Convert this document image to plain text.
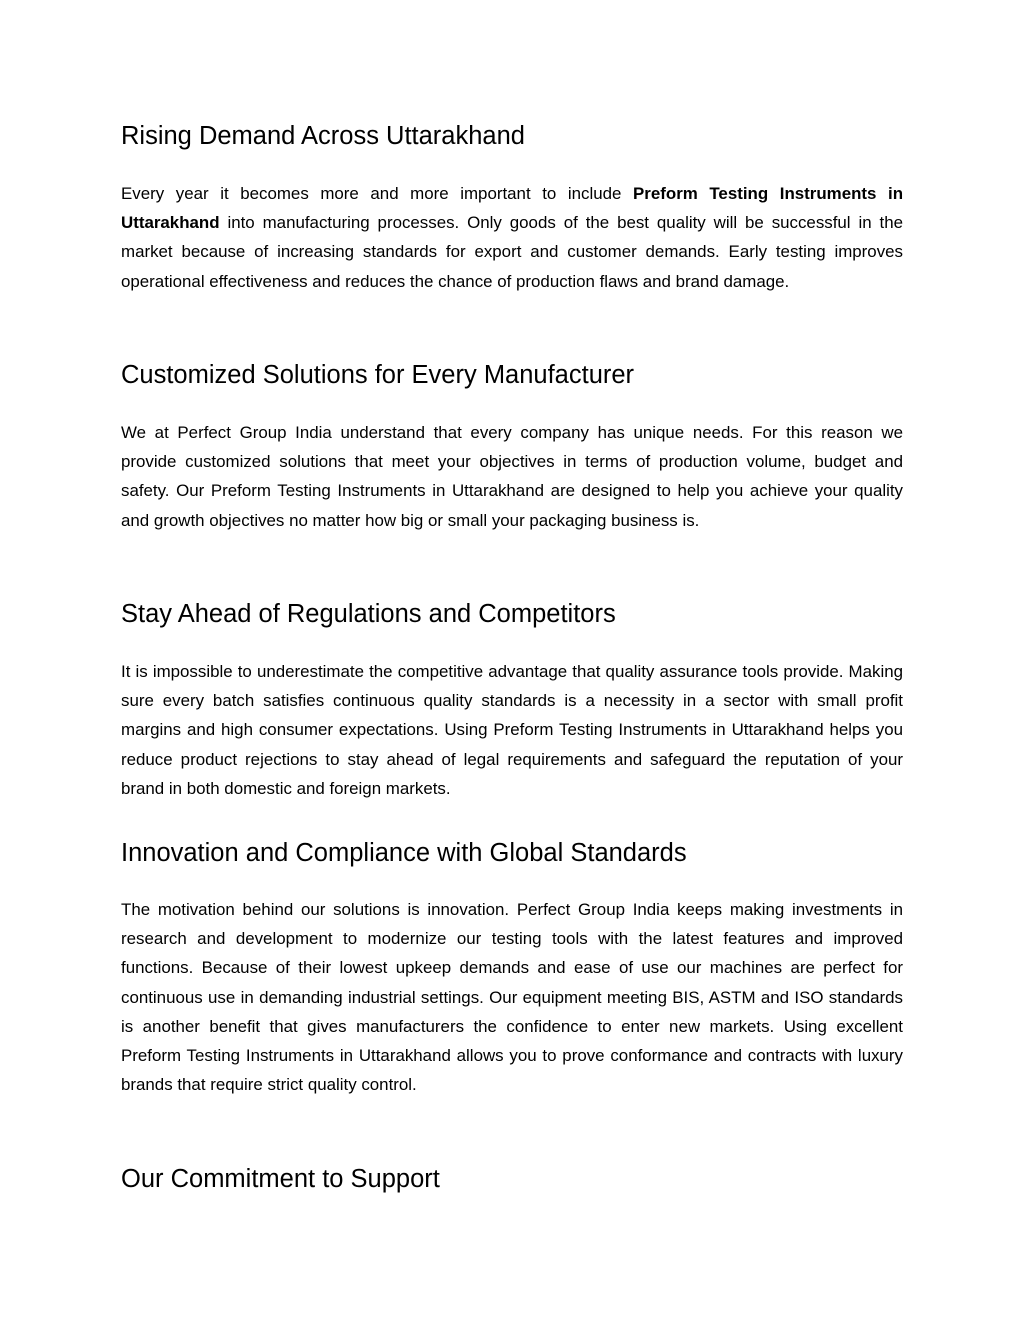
Rising Demand Across Uttarakhand

Every year it becomes more and more important to include Preform Testing Instruments in Uttarakhand into manufacturing processes. Only goods of the best quality will be successful in the market because of increasing standards for export and customer demands. Early testing improves operational effectiveness and reduces the chance of production flaws and brand damage.

Customized Solutions for Every Manufacturer

We at Perfect Group India understand that every company has unique needs. For this reason we provide customized solutions that meet your objectives in terms of production volume, budget and safety. Our Preform Testing Instruments in Uttarakhand are designed to help you achieve your quality and growth objectives no matter how big or small your packaging business is.

Stay Ahead of Regulations and Competitors

It is impossible to underestimate the competitive advantage that quality assurance tools provide. Making sure every batch satisfies continuous quality standards is a necessity in a sector with small profit margins and high consumer expectations. Using Preform Testing Instruments in Uttarakhand helps you reduce product rejections to stay ahead of legal requirements and safeguard the reputation of your brand in both domestic and foreign markets.

Innovation and Compliance with Global Standards

The motivation behind our solutions is innovation. Perfect Group India keeps making investments in research and development to modernize our testing tools with the latest features and improved functions. Because of their lowest upkeep demands and ease of use our machines are perfect for continuous use in demanding industrial settings. Our equipment meeting BIS, ASTM and ISO standards is another benefit that gives manufacturers the confidence to enter new markets. Using excellent Preform Testing Instruments in Uttarakhand allows you to prove conformance and contracts with luxury brands that require strict quality control.

Our Commitment to Support
